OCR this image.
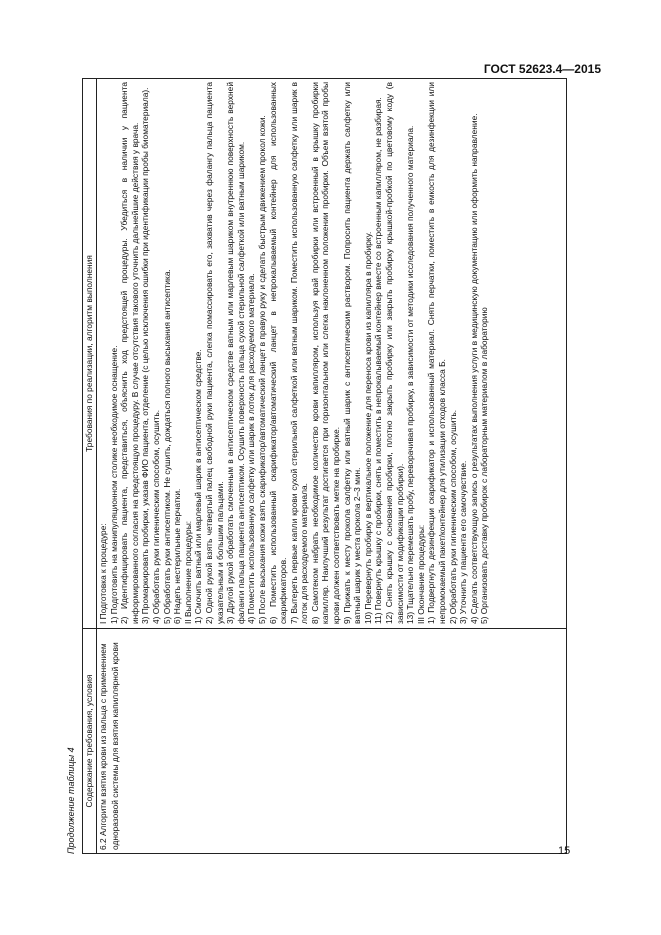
ГОСТ 52623.4—2015
Продолжение таблицы 4 Содержание требования, условия
Требования по реализации, алгоритм выполнения
6.2 Алгоритм взятия крови из пальца с применением одноразовой системы для взятия капиллярной крови
I Подготовка к процедуре: 1) Подготовить на манипуляционном столике необходимое оснащение. 2) Идентифицировать пациента, представиться, объяснить ход предстоящей процедуры. Убедиться в наличии у пациента информированного согласия на предстоящую процедуру. В случае отсутствия такового уточнить дальнейшие действия у врача. 3) Промаркировать пробирки, указав ФИО пациента, отделение (с целью исключения ошибки при идентификации пробы биоматериала). 4) Обработать руки гигиеническим способом, осушить. 5) Обработать руки антисептиком. Не сушить, дождаться полного высыхания антисептика. 6) Надеть нестерильные перчатки. II Выполнение процедуры: 1) Смочить ватный или марлевый шарик в антисептическом средстве. 2) Одной рукой взять четвертый палец свободной руки пациента, слегка помассировать его, захватив через фалангу пальца пациента указательным и большим пальцами. 3) Другой рукой обработать смоченным в антисептическом средстве ватным или марлевым шариком внутреннюю поверхность верхней фаланги пальца пациента антисептиком. Осушить поверхность пальца сухой стерильной салфеткой или ватным шариком. 4) Поместить использованную салфетку или шарик в лоток для расходуемого материала. 5) После высыхания кожи взять скарификатор/автоматический ланцет в правую руку и сделать быстрым движением прокол кожи. 6) Поместить использованный скарификатор/автоматический ланцет в непрокалываемый контейнер для использованных скарификаторов. 7) Вытереть первые капли крови сухой стерильной салфеткой или ватным шариком. Поместить использованную салфетку или шарик в лоток для расходуемого материала. 8) Самотеком набрать необходимое количество крови капилляром, используя край пробирки или встроенный в крышку пробирки капилляр. Наилучший результат достигается при горизонтальном или слегка наклоненном положении пробирки. Объем взятой пробы крови должен соответствовать метке на пробирке. 9) Прижать к месту прокола салфетку или ватный шарик с антисептическим раствором. Попросить пациента держать салфетку или ватный шарик у места прокола 2–3 мин. 10) Перевернуть пробирку в вертикальное положение для переноса крови из капилляра в пробирку. 11) Повернуть крышку с пробирки, снять и поместить в непрокалываемый контейнер вместе со встроенным капилляром, не разбирая. 12) Снять крышку с основания пробирки, плотно закрыть пробирку или закрыть пробирку крышкой-пробкой по цветовому коду (в зависимости от модификации пробирки). 13) Тщательно перемешать пробу, переворачивая пробирку, в зависимости от методики исследования полученного материала. III Окончание процедуры: 1) Подвергнуть дезинфекции скарификатор и использованный материал. Снять перчатки, поместить в емкость для дезинфекции или непромокаемый пакет/контейнер для утилизации отходов класса Б. 2) Обработать руки гигиеническим способом, осушить. 3) Уточнить у пациента его самочувствие. 4) Сделать соответствующую запись о результатах выполнения услуги в медицинскую документацию или оформить направление. 5) Организовать доставку пробирок с лабораторным материалом в лабораторию
15
